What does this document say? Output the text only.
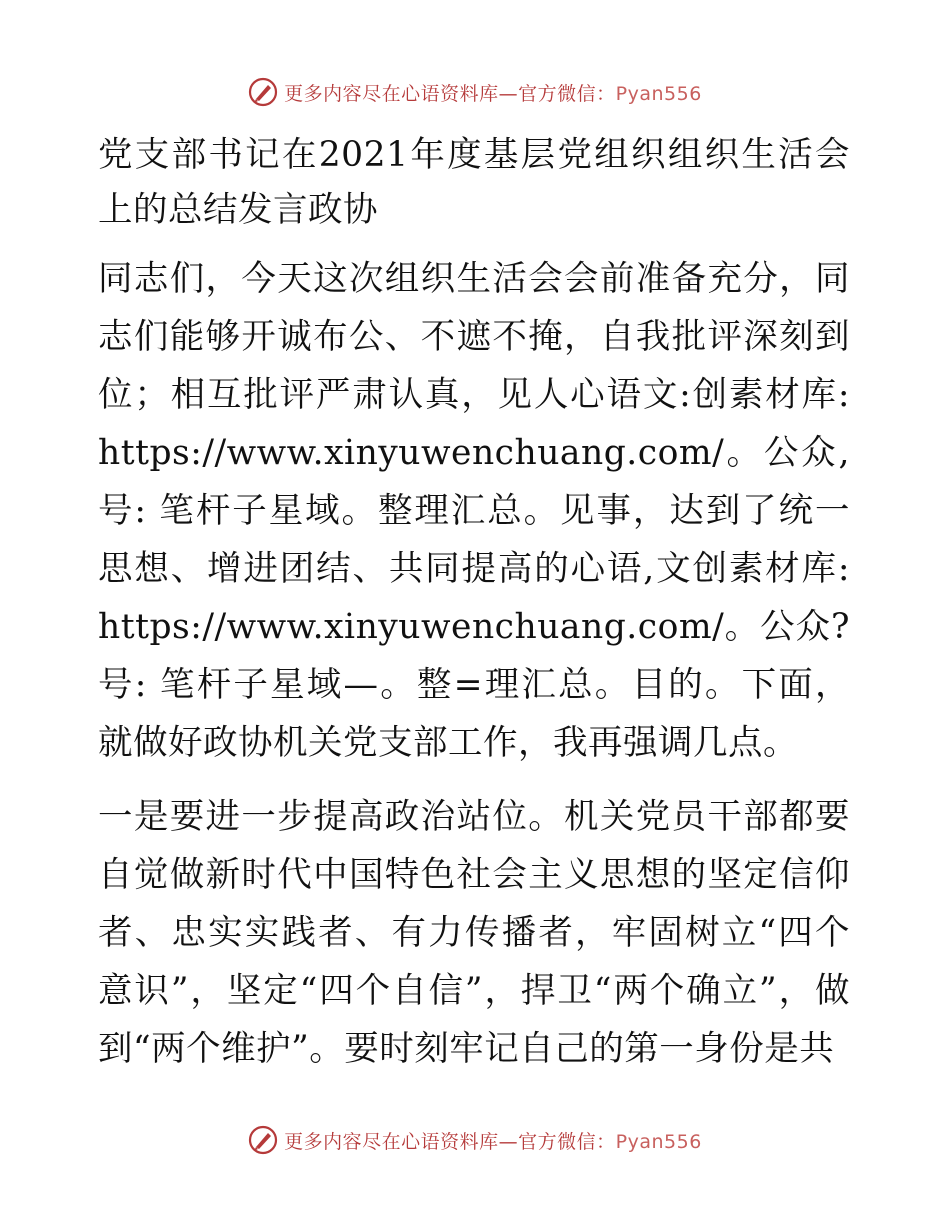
更多内容尽在心语资料库—官方微信：Pyan556

党支部书记在2021年度基层党组织组织生活会上的总结发言政协

同志们，今天这次组织生活会会前准备充分，同志们能够开诚布公、不遮不掩，自我批评深刻到位；相互批评严肃认真，见人心语文:创素材库: https://www.xinyuwenchuang.com/。公众,号: 笔杆子星域。整理汇总。见事，达到了统一思想、增进团结、共同提高的心语,文创素材库: https://www.xinyuwenchuang.com/。公众?号: 笔杆子星域—。整=理汇总。目的。下面，就做好政协机关党支部工作，我再强调几点。

一是要进一步提高政治站位。机关党员干部都要自觉做新时代中国特色社会主义思想的坚定信仰者、忠实实践者、有力传播者，牢固树立“四个意识”，坚定“四个自信”，捍卫“两个确立”，做到“两个维护”。要时刻牢记自己的第一身份是共

更多内容尽在心语资料库—官方微信：Pyan556
